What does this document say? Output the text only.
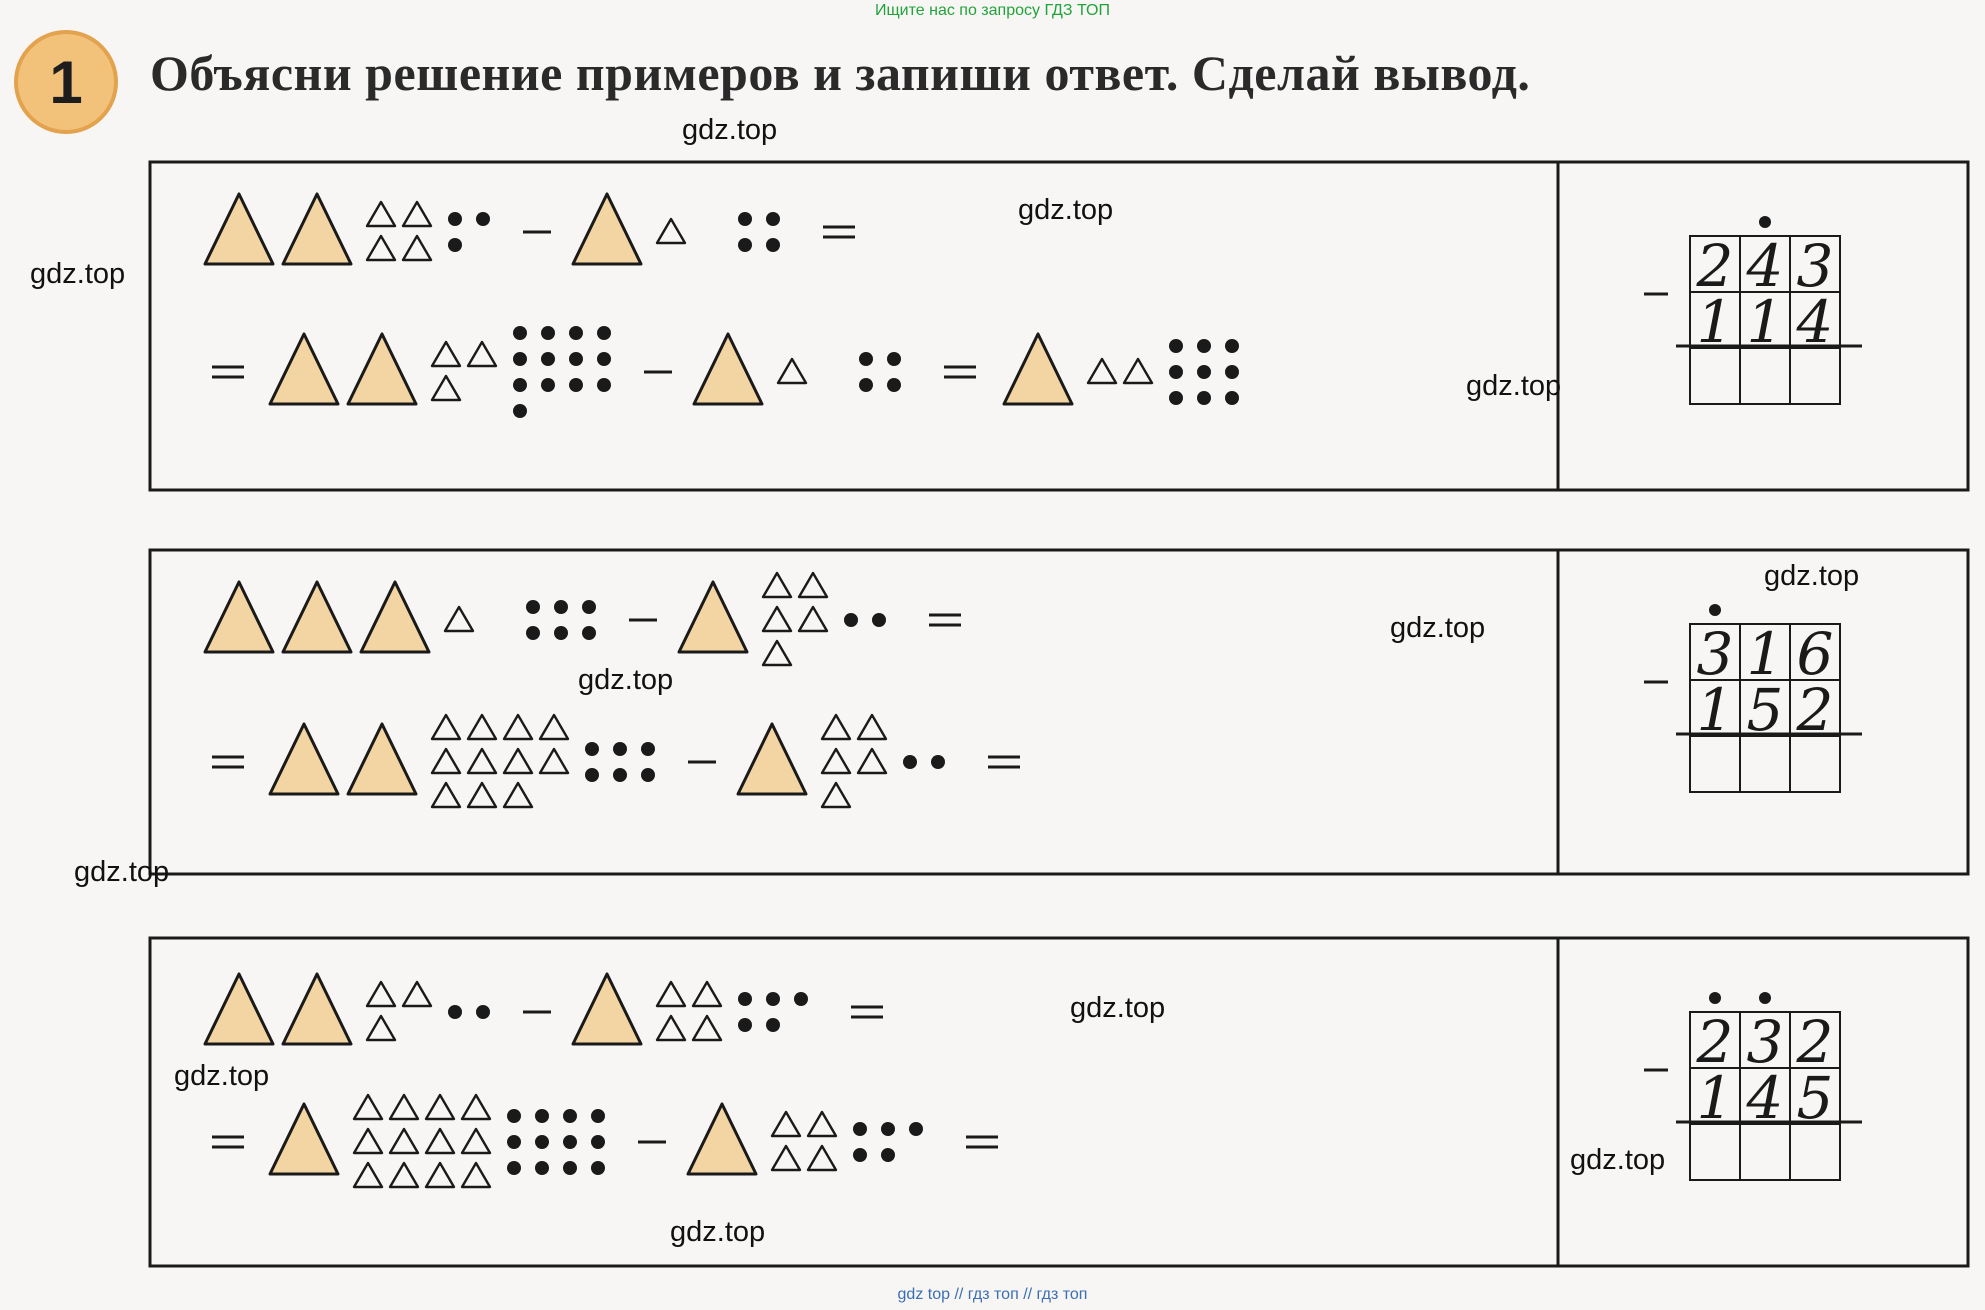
Ищите нас по запросу ГДЗ ТОП
1 Объясни решение примеров и запиши ответ. Сделай вывод.
2 4 3
1 1 4
3 1 6
1 5 2
2 3 2
1 4 5
gdz.top
gdz.top
gdz.top
gdz.top
gdz.top
gdz.top
gdz.top
gdz.top
gdz.top
gdz.top
gdz.top
gdz.top
gdz top // гдз топ // гдз топ
